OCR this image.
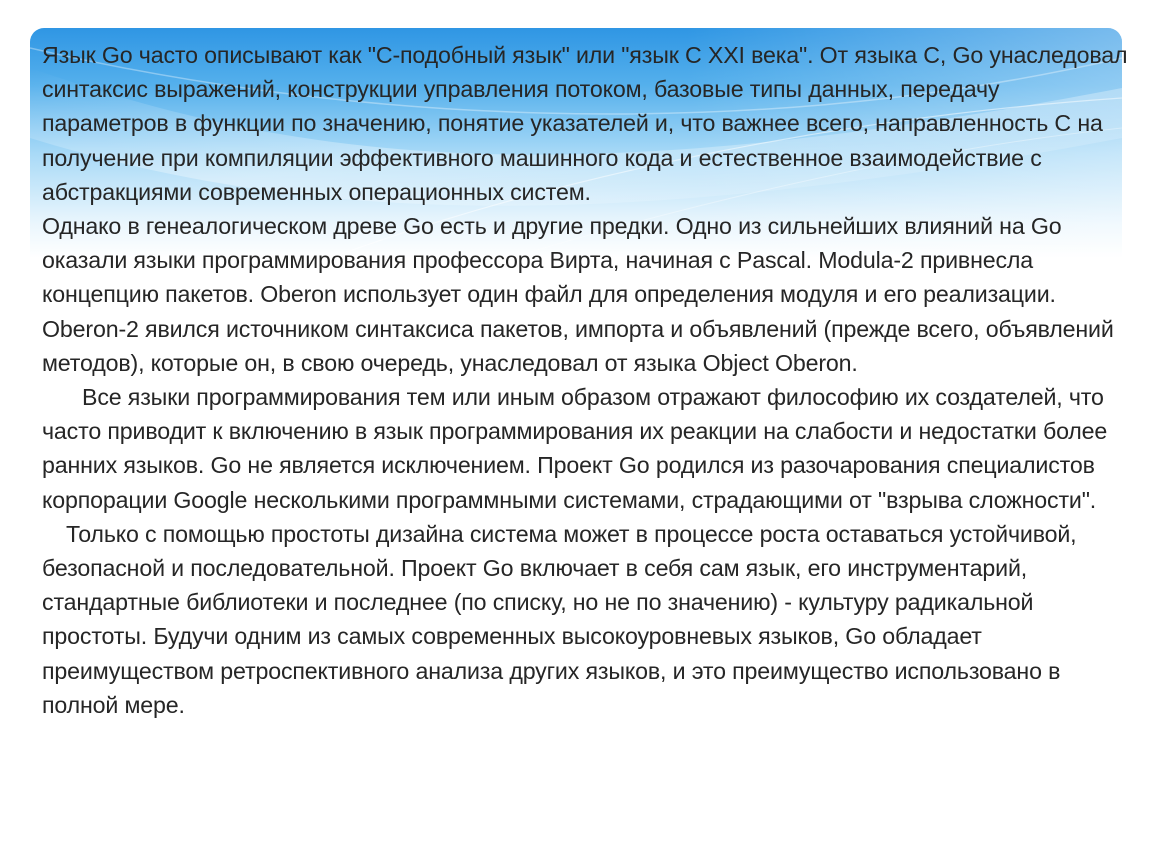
Язык Go часто описывают как "C-подобный язык" или "язык C XXI века". От языка C, Go унаследовал синтаксис выражений, конструкции управления потоком, базовые типы данных, передачу параметров в функции по значению, понятие указателей и, что важнее всего, направленность C на получение при компиляции эффективного машинного кода и естественное взаимодействие с абстракциями современных операционных систем.

Однако в генеалогическом древе Go есть и другие предки. Одно из сильнейших влияний на Go оказали языки программирования профессора Вирта, начиная с Pascal. Modula-2 привнесла концепцию пакетов. Oberon использует один файл для определения модуля и его реализации. Oberon-2 явился источником синтаксиса пакетов, импорта и объявлений (прежде всего, объявлений методов), которые он, в свою очередь, унаследовал от языка Object Oberon.

Все языки программирования тем или иным образом отражают философию их создателей, что часто приводит к включению в язык программирования их реакции на слабости и недостатки более ранних языков. Go не является исключением. Проект Go родился из разочарования специалистов корпорации Google несколькими программными системами, страдающими от "взрыва сложности".

Только с помощью простоты дизайна система может в процессе роста оставаться устойчивой, безопасной и последовательной. Проект Go включает в себя сам язык, его инструментарий, стандартные библиотеки и последнее (по списку, но не по значению) - культуру радикальной простоты. Будучи одним из самых современных высокоуровневых языков, Go обладает преимуществом ретроспективного анализа других языков, и это преимущество использовано в полной мере.
